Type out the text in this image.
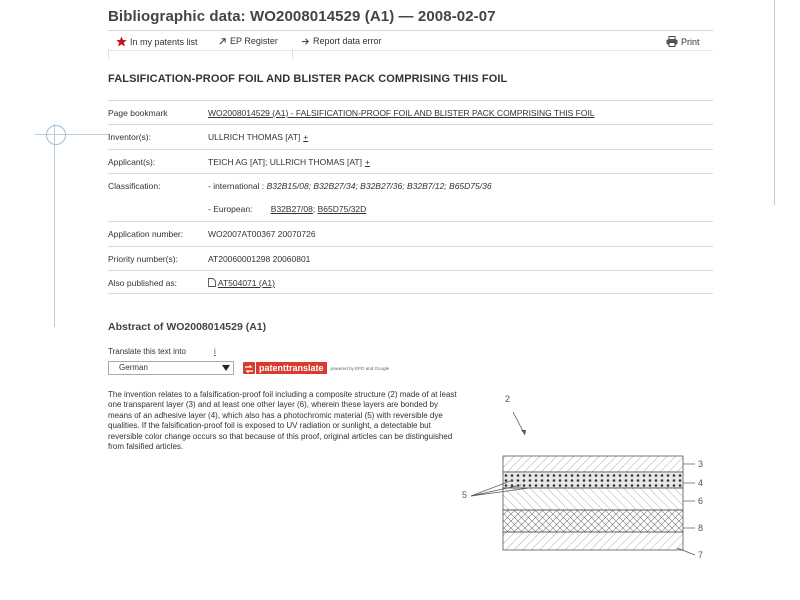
Bibliographic data: WO2008014529 (A1) — 2008-02-07
In my patents list	EP Register	Report data error	Print
FALSIFICATION-PROOF FOIL AND BLISTER PACK COMPRISING THIS FOIL
Page bookmark	WO2008014529 (A1) - FALSIFICATION-PROOF FOIL AND BLISTER PACK COMPRISING THIS FOIL
Inventor(s):	ULLRICH THOMAS [AT] +
Applicant(s):	TEICH AG [AT]; ULLRICH THOMAS [AT] +
Classification:	- international : B32B15/08; B32B27/34; B32B27/36; B32B7/12; B65D75/36
- European: B32B27/08; B65D75/32D
Application number:	WO2007AT00367 20070726
Priority number(s):	AT20060001298 20060801
Also published as:	AT504071 (A1)
Abstract of WO2008014529 (A1)
Translate this text into	i
German	patenttranslate	powered by EPO and Google
The invention relates to a falsification-proof foil including a composite structure (2) made of at least one transparent layer (3) and at least one other layer (6), wherein these layers are bonded by means of an adhesive layer (4), which also has a photochromic material (5) with reversible dye qualities. If the falsification-proof foil is exposed to UV radiation or sunlight, a detectable but reversible color change occurs so that because of this proof, original articles can be distinguished from falsified articles.
2
3
4
5
6
7
8
